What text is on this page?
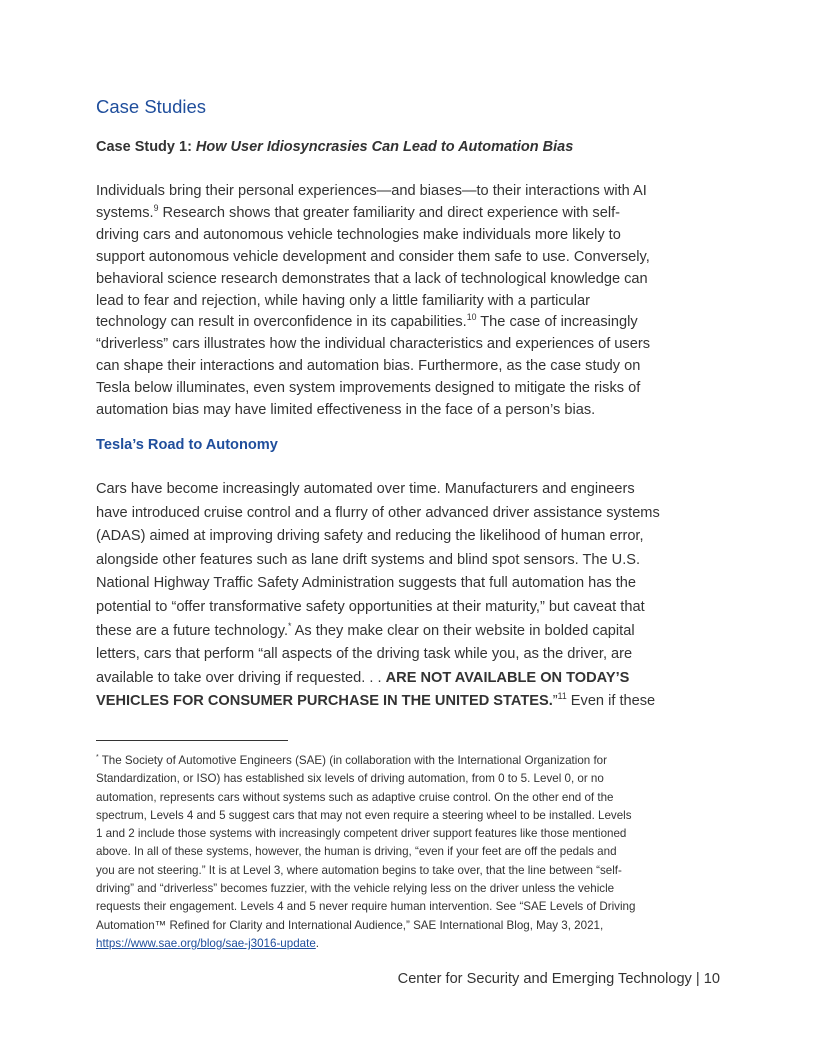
Case Studies
Case Study 1: How User Idiosyncrasies Can Lead to Automation Bias

Individuals bring their personal experiences—and biases—to their interactions with AI
systems.$^9$ Research shows that greater familiarity and direct experience with self-
driving cars and autonomous vehicle technologies make individuals more likely to
support autonomous vehicle development and consider them safe to use. Conversely,
behavioral science research demonstrates that a lack of technological knowledge can
lead to fear and rejection, while having only a little familiarity with a particular
technology can result in overconfidence in its capabilities.$^{10}$ The case of increasingly
“driverless” cars illustrates how the individual characteristics and experiences of users
can shape their interactions and automation bias. Furthermore, as the case study on
Tesla below illuminates, even system improvements designed to mitigate the risks of
automation bias may have limited effectiveness in the face of a person’s bias.

Tesla’s Road to Autonomy

Cars have become increasingly automated over time. Manufacturers and engineers
have introduced cruise control and a flurry of other advanced driver assistance systems
(ADAS) aimed at improving driving safety and reducing the likelihood of human error,
alongside other features such as lane drift systems and blind spot sensors. The U.S.
National Highway Traffic Safety Administration suggests that full automation has the
potential to “offer transformative safety opportunities at their maturity,” but caveat that
these are a future technology.* As they make clear on their website in bolded capital
letters, cars that perform “all aspects of the driving task while you, as the driver, are
available to take over driving if requested. . . ARE NOT AVAILABLE ON TODAY’S
VEHICLES FOR CONSUMER PURCHASE IN THE UNITED STATES.”$^{11}$ Even if these

* The Society of Automotive Engineers (SAE) (in collaboration with the International Organization for
Standardization, or ISO) has established six levels of driving automation, from 0 to 5. Level 0, or no
automation, represents cars without systems such as adaptive cruise control. On the other end of the
spectrum, Levels 4 and 5 suggest cars that may not even require a steering wheel to be installed. Levels
1 and 2 include those systems with increasingly competent driver support features like those mentioned
above. In all of these systems, however, the human is driving, “even if your feet are off the pedals and
you are not steering.” It is at Level 3, where automation begins to take over, that the line between “self-
driving” and “driverless” becomes fuzzier, with the vehicle relying less on the driver unless the vehicle
requests their engagement. Levels 4 and 5 never require human intervention. See “SAE Levels of Driving
Automation™ Refined for Clarity and International Audience,” SAE International Blog, May 3, 2021,
https://www.sae.org/blog/sae-j3016-update.

Center for Security and Emerging Technology | 10
